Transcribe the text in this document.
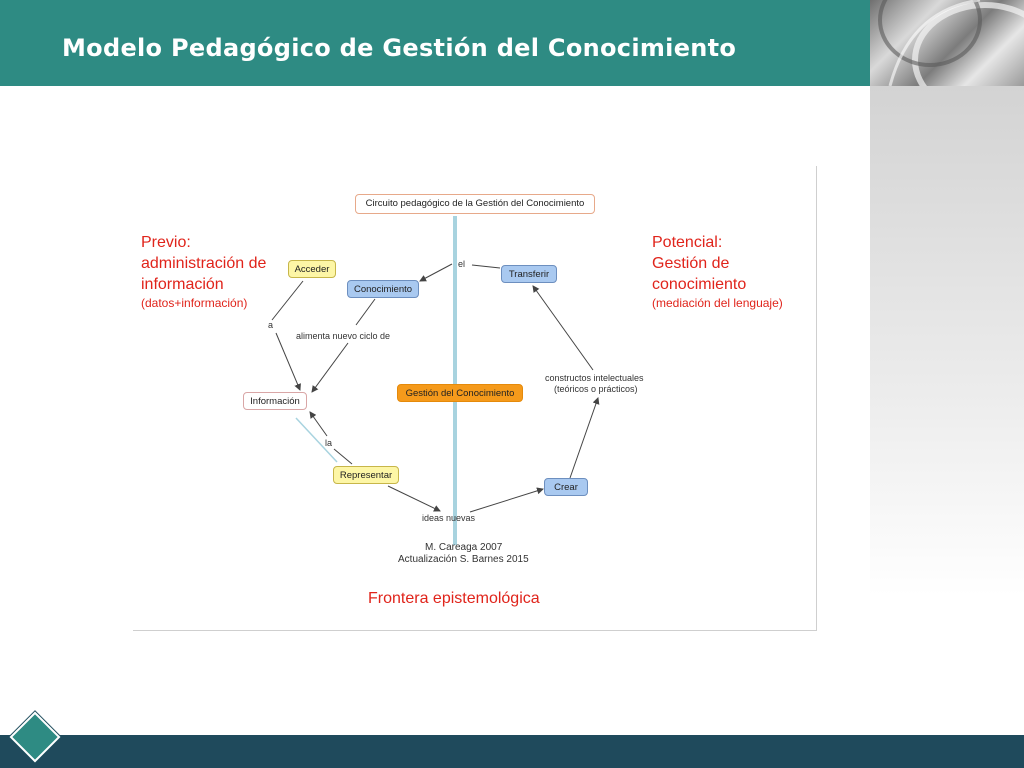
Modelo Pedagógico de Gestión del Conocimiento
Circuito pedagógico de la Gestión del Conocimiento
Acceder
Conocimiento
Transferir
Información
Gestión del Conocimiento
Representar
Crear
ideas nuevas
constructos intelectuales
(teóricos o prácticos)
el
a
alimenta nuevo ciclo de
la
Previo:
administración de
información
(datos+información)
Potencial:
Gestión de
conocimiento
(mediación del lenguaje)
M. Careaga 2007
Actualización S. Barnes 2015
Frontera epistemológica
